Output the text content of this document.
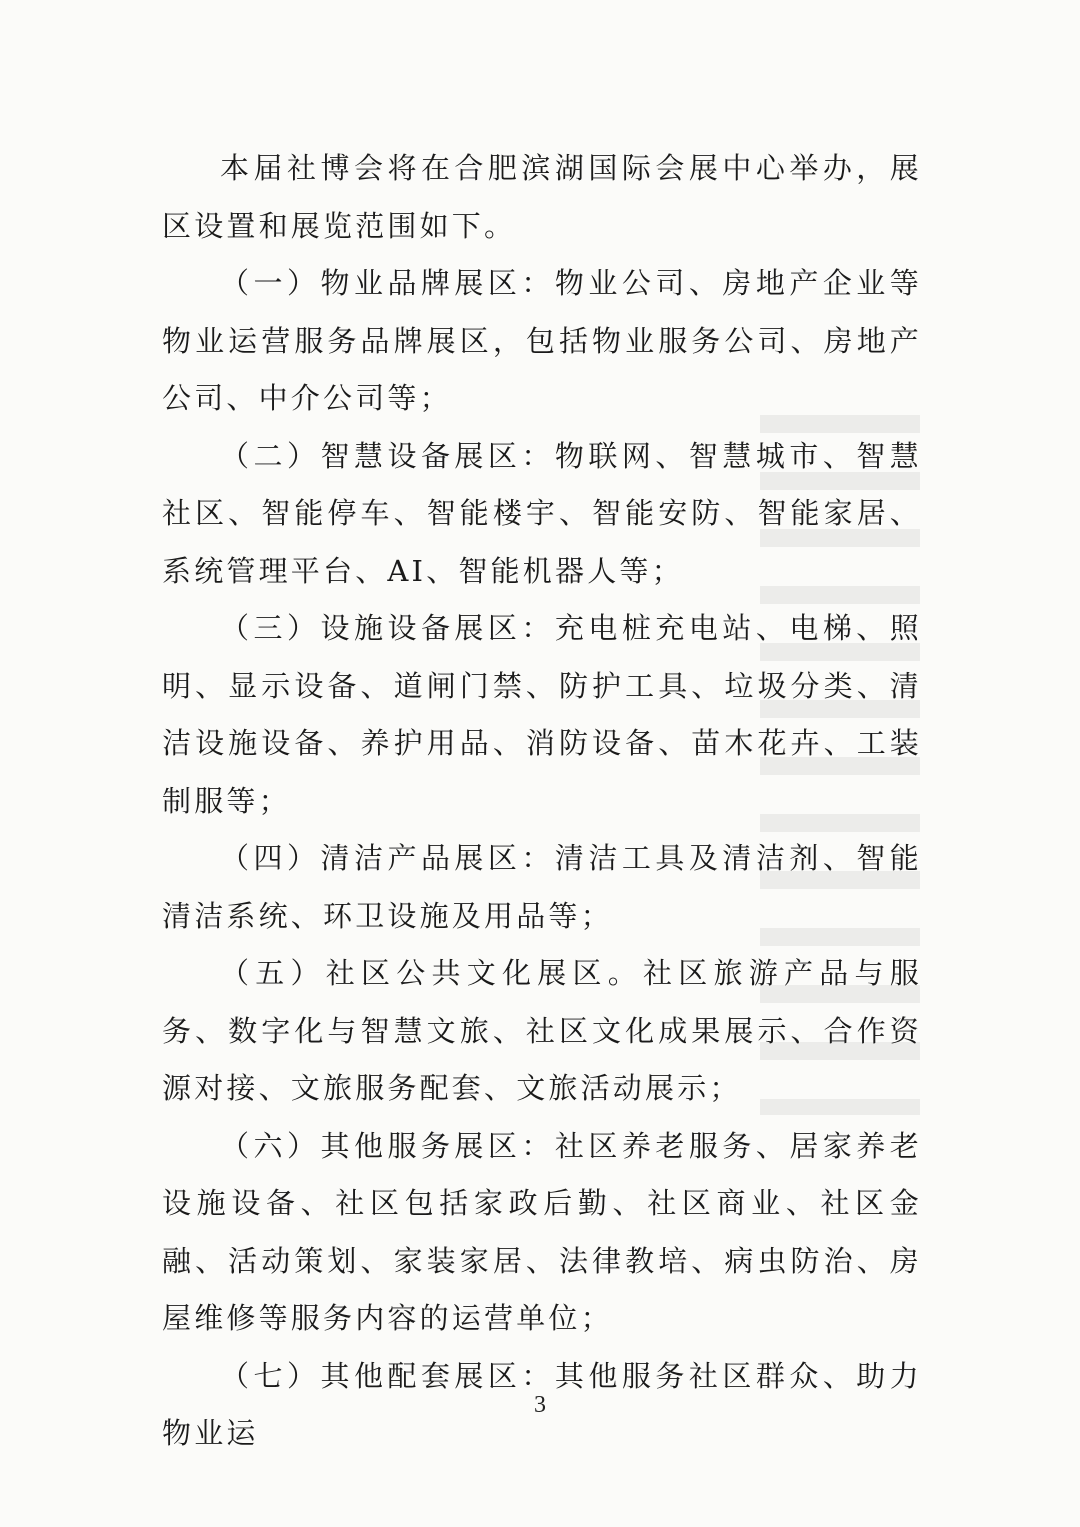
本届社博会将在合肥滨湖国际会展中心举办，展区设置和展览范围如下。

（一）物业品牌展区：物业公司、房地产企业等物业运营服务品牌展区，包括物业服务公司、房地产公司、中介公司等；

（二）智慧设备展区：物联网、智慧城市、智慧社区、智能停车、智能楼宇、智能安防、智能家居、系统管理平台、AI、智能机器人等；

（三）设施设备展区：充电桩充电站、电梯、照明、显示设备、道闸门禁、防护工具、垃圾分类、清洁设施设备、养护用品、消防设备、苗木花卉、工装制服等；

（四）清洁产品展区：清洁工具及清洁剂、智能清洁系统、环卫设施及用品等；

（五）社区公共文化展区。社区旅游产品与服务、数字化与智慧文旅、社区文化成果展示、合作资源对接、文旅服务配套、文旅活动展示；

（六）其他服务展区：社区养老服务、居家养老设施设备、社区包括家政后勤、社区商业、社区金融、活动策划、家装家居、法律教培、病虫防治、房屋维修等服务内容的运营单位；

（七）其他配套展区：其他服务社区群众、助力物业运

3
